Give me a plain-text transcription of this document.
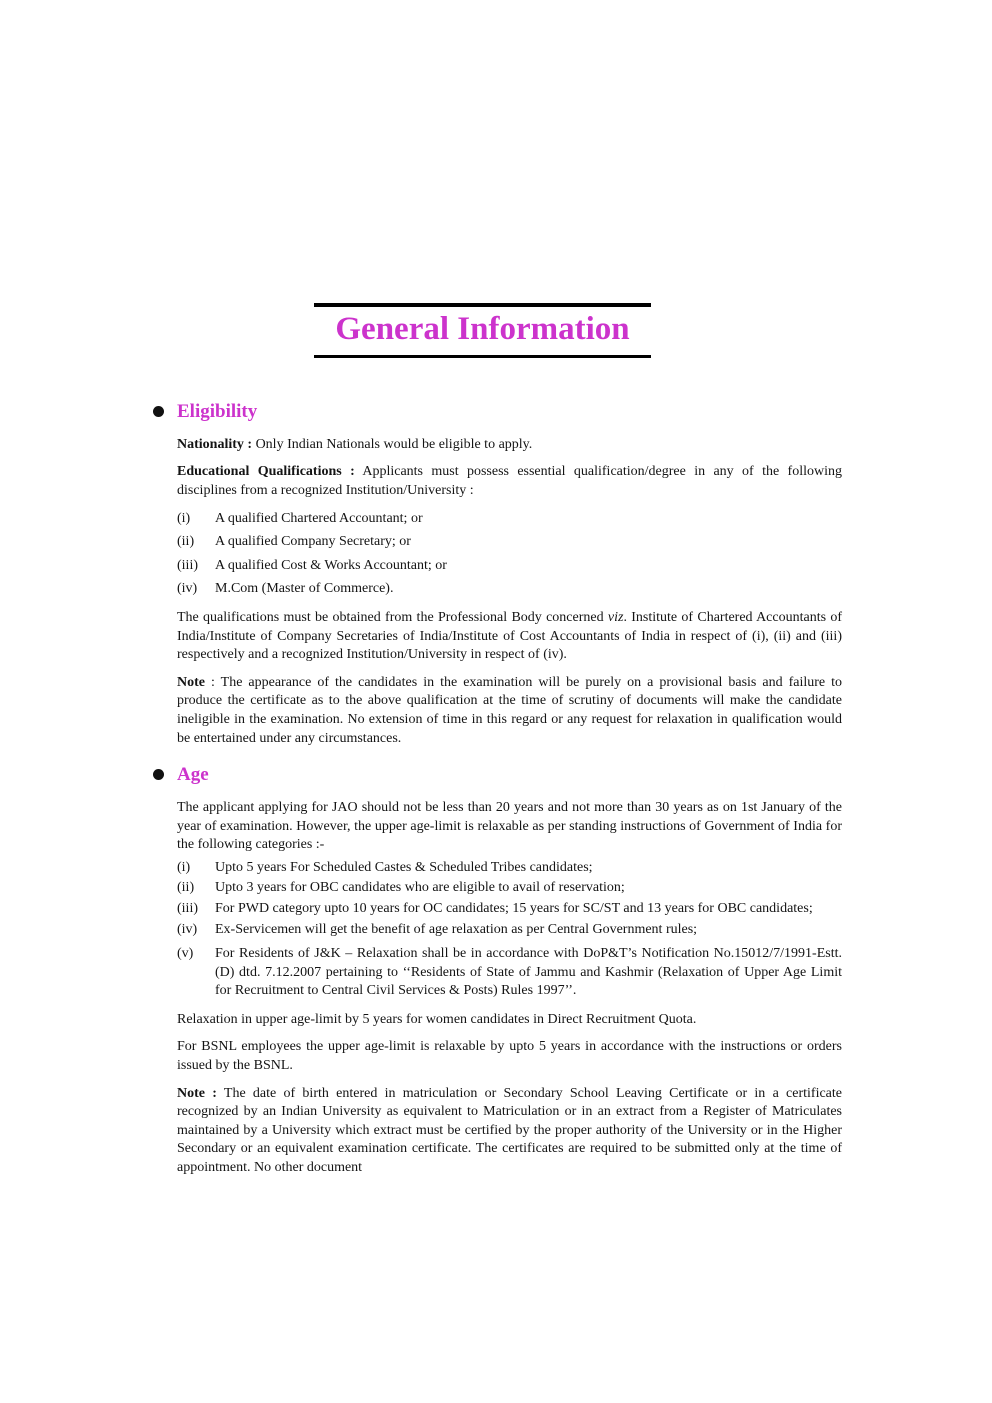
General Information
Eligibility

Nationality : Only Indian Nationals would be eligible to apply.

Educational Qualifications : Applicants must possess essential qualification/degree in any of the following disciplines from a recognized Institution/University :

(i) A qualified Chartered Accountant; or
(ii) A qualified Company Secretary; or
(iii) A qualified Cost & Works Accountant; or
(iv) M.Com (Master of Commerce).

The qualifications must be obtained from the Professional Body concerned viz. Institute of Chartered Accountants of India/Institute of Company Secretaries of India/Institute of Cost Accountants of India in respect of (i), (ii) and (iii) respectively and a recognized Institution/University in respect of (iv).

Note : The appearance of the candidates in the examination will be purely on a provisional basis and failure to produce the certificate as to the above qualification at the time of scrutiny of documents will make the candidate ineligible in the examination. No extension of time in this regard or any request for relaxation in qualification would be entertained under any circumstances.

Age

The applicant applying for JAO should not be less than 20 years and not more than 30 years as on 1st January of the year of examination. However, the upper age-limit is relaxable as per standing instructions of Government of India for the following categories :-

(i) Upto 5 years For Scheduled Castes & Scheduled Tribes candidates;
(ii) Upto 3 years for OBC candidates who are eligible to avail of reservation;
(iii) For PWD category upto 10 years for OC candidates; 15 years for SC/ST and 13 years for OBC candidates;
(iv) Ex-Servicemen will get the benefit of age relaxation as per Central Government rules;
(v) For Residents of J&K – Relaxation shall be in accordance with DoP&T’s Notification No.15012/7/1991-Estt.(D) dtd. 7.12.2007 pertaining to ‘‘Residents of State of Jammu and Kashmir (Relaxation of Upper Age Limit for Recruitment to Central Civil Services & Posts) Rules 1997’’.

Relaxation in upper age-limit by 5 years for women candidates in Direct Recruitment Quota.

For BSNL employees the upper age-limit is relaxable by upto 5 years in accordance with the instructions or orders issued by the BSNL.

Note : The date of birth entered in matriculation or Secondary School Leaving Certificate or in a certificate recognized by an Indian University as equivalent to Matriculation or in an extract from a Register of Matriculates maintained by a University which extract must be certified by the proper authority of the University or in the Higher Secondary or an equivalent examination certificate. The certificates are required to be submitted only at the time of appointment. No other document
